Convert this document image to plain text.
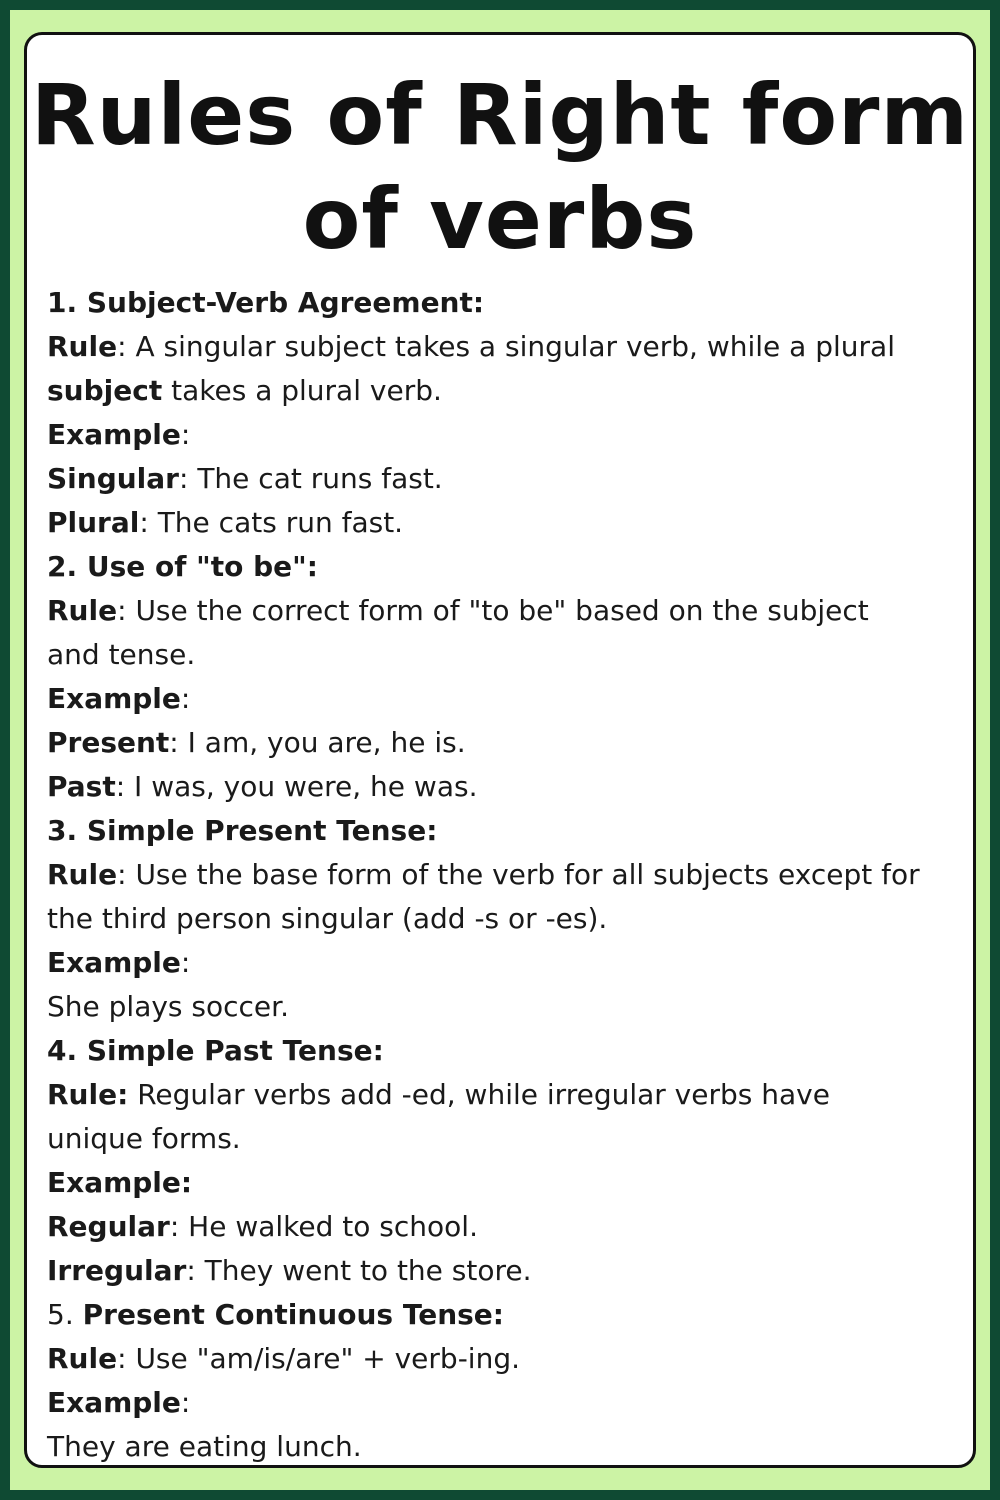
Rules of Right form
of verbs
1. Subject-Verb Agreement:
Rule: A singular subject takes a singular verb, while a plural
subject takes a plural verb.
Example:
Singular: The cat runs fast.
Plural: The cats run fast.
2. Use of "to be":
Rule: Use the correct form of "to be" based on the subject
and tense.
Example:
Present: I am, you are, he is.
Past: I was, you were, he was.
3. Simple Present Tense:
Rule: Use the base form of the verb for all subjects except for
the third person singular (add -s or -es).
Example:
She plays soccer.
4. Simple Past Tense:
Rule: Regular verbs add -ed, while irregular verbs have
unique forms.
Example:
Regular: He walked to school.
Irregular: They went to the store.
5. Present Continuous Tense:
Rule: Use "am/is/are" + verb-ing.
Example:
They are eating lunch.
